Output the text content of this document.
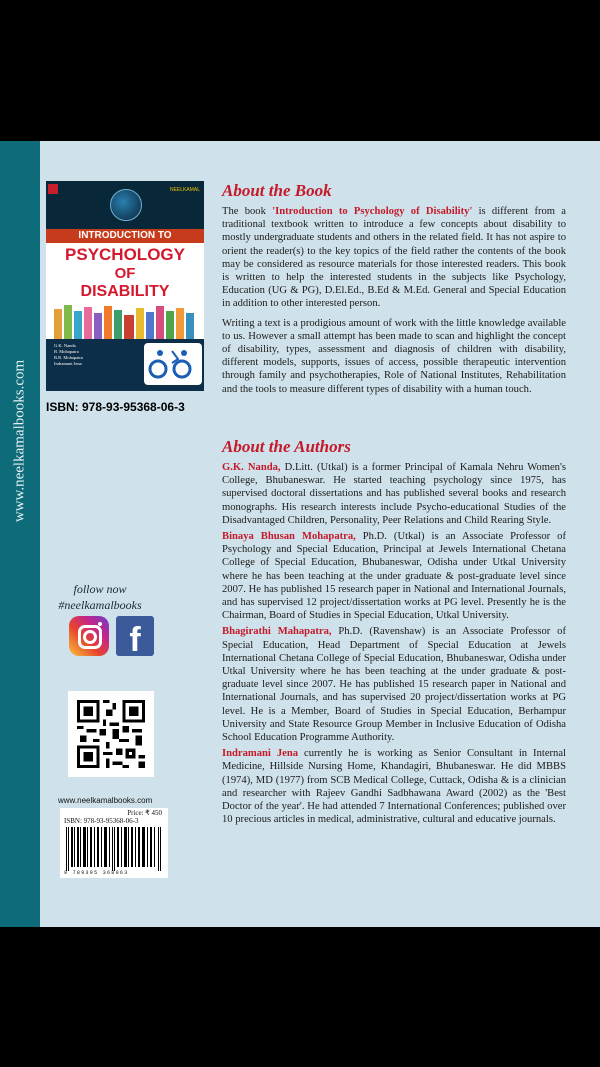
www.neelkamalbooks.com
NEELKAMAL
INTRODUCTION TO
PSYCHOLOGY
OF
DISABILITY
G.K. Nanda
B. Mohapatra
B.R. Mohapatra
Indramani Jena
ISBN: 978-93-95368-06-3
follow now
#neelkamalbooks
f
www.neelkamalbooks.com
Price: ₹ 450
ISBN: 978-93-95368-06-3
9 789395 368063
About the Book

The book 'Introduction to Psychology of Disability' is different from a traditional textbook written to introduce a few concepts about disability to mostly undergraduate students and others in the related field. It has not aspire to orient the reader(s) to the key topics of the field rather the contents of the book may be considered as resource materials for those interested readers. This book is written to help the interested students in the subjects like Psychology, Education (UG & PG), D.El.Ed., B.Ed & M.Ed. General and Special Education in addition to other interested person.

Writing a text is a prodigious amount of work with the little knowledge available to us. However a small attempt has been made to scan and highlight the concept of disability, types, assessment and diagnosis of children with disability, different models, supports, issues of access, possible therapeutic intervention through family and psychotherapies, Role of National Institutes, Rehabilitation and the tools to measure different types of disability with a human touch.

About the Authors

G.K. Nanda, D.Litt. (Utkal) is a former Principal of Kamala Nehru Women's College, Bhubaneswar. He started teaching psychology since 1975, has supervised doctoral dissertations and has published several books and research monographs. His research interests include Psycho-educational Studies of the Disadvantaged Children, Personality, Peer Relations and Child Rearing Style.

Binaya Bhusan Mohapatra, Ph.D. (Utkal) is an Associate Professor of Psychology and Special Education, Principal at Jewels International Chetana College of Special Education, Bhubaneswar, Odisha under Utkal University where he has been teaching at the under graduate & post-graduate level since 2007. He has published 15 research paper in National and International Journals, and has supervised 12 project/dissertation works at PG level. Presently he is the Chairman, Board of Studies in Special Education, Utkal University.

Bhagirathi Mahapatra, Ph.D. (Ravenshaw) is an Associate Professor of Special Education, Head Department of Special Education at Jewels International Chetana College of Special Education, Bhubaneswar, Odisha under Utkal University where he has been teaching at the under graduate & post-graduate level since 2007. He has published 15 research paper in National and International Journals, and has supervised 20 project/dissertation works at PG level. He is a Member, Board of Studies in Special Education, Berhampur University and State Resource Group Member in Inclusive Education of Odisha School Education Programme Authority.

Indramani Jena currently he is working as Senior Consultant in Internal Medicine, Hillside Nursing Home, Khandagiri, Bhubaneswar. He did MBBS (1974), MD (1977) from SCB Medical College, Cuttack, Odisha & is a clinician and researcher with Rajeev Gandhi Sadbhawana Award (2002) as the 'Best Doctor of the year'. He had attended 7 International Conferences; published over 10 precious articles in medical, administrative, cultural and educative journals.
